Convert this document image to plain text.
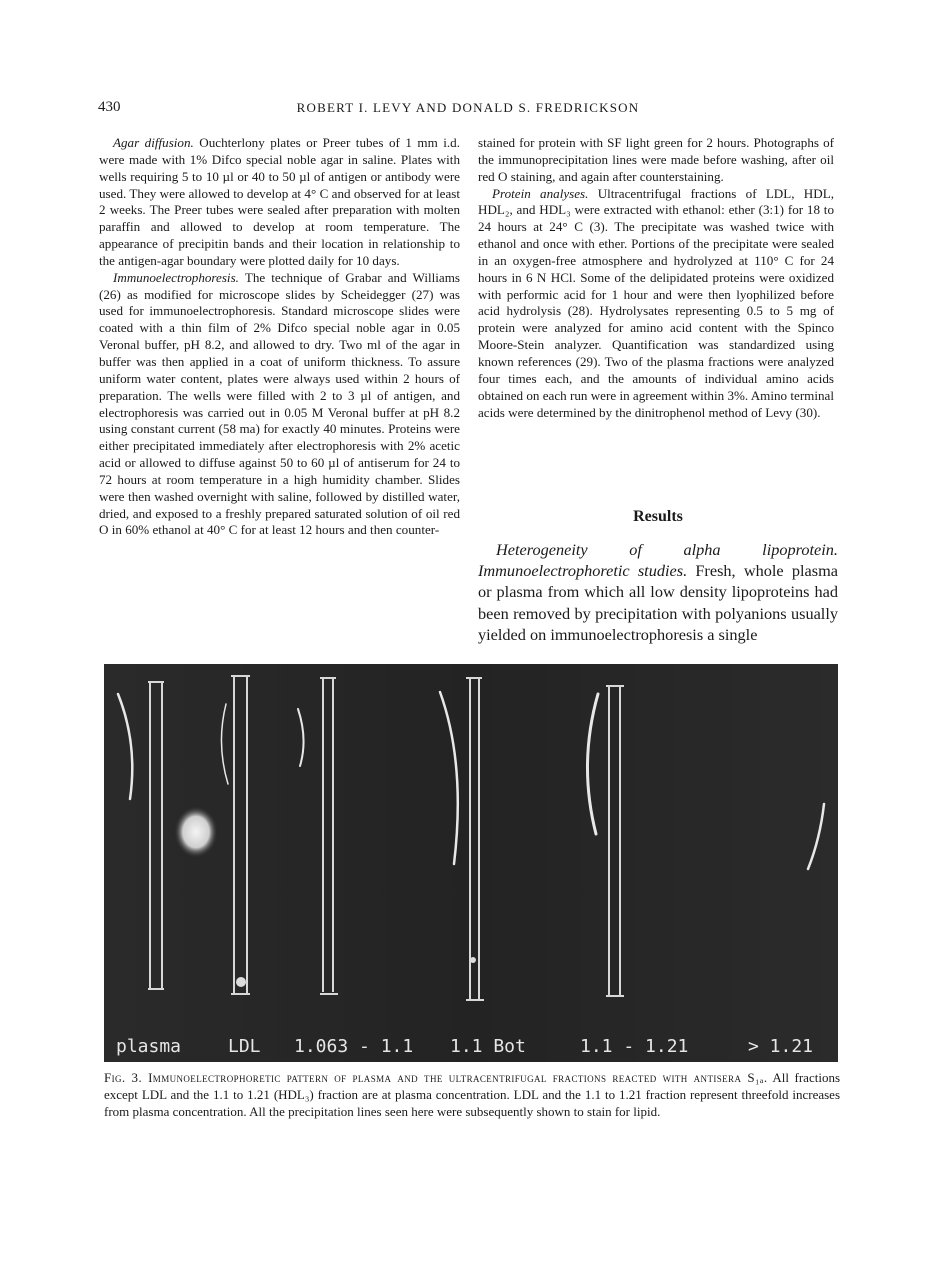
430	ROBERT I. LEVY AND DONALD S. FREDRICKSON

Agar diffusion. Ouchterlony plates or Preer tubes of 1 mm i.d. were made with 1% Difco special noble agar in saline. Plates with wells requiring 5 to 10 µl or 40 to 50 µl of antigen or antibody were used. They were allowed to develop at 4° C and observed for at least 2 weeks. The Preer tubes were sealed after preparation with molten paraffin and allowed to develop at room temperature. The appearance of precipitin bands and their location in relationship to the antigen-agar boundary were plotted daily for 10 days.

Immunoelectrophoresis. The technique of Grabar and Williams (26) as modified for microscope slides by Scheidegger (27) was used for immunoelectrophoresis. Standard microscope slides were coated with a thin film of 2% Difco special noble agar in 0.05 Veronal buffer, pH 8.2, and allowed to dry. Two ml of the agar in buffer was then applied in a coat of uniform thickness. To assure uniform water content, plates were always used within 2 hours of preparation. The wells were filled with 2 to 3 µl of antigen, and electrophoresis was carried out in 0.05 M Veronal buffer at pH 8.2 using constant current (58 ma) for exactly 40 minutes. Proteins were either precipitated immediately after electrophoresis with 2% acetic acid or allowed to diffuse against 50 to 60 µl of antiserum for 24 to 72 hours at room temperature in a high humidity chamber. Slides were then washed overnight with saline, followed by distilled water, dried, and exposed to a freshly prepared saturated solution of oil red O in 60% ethanol at 40° C for at least 12 hours and then counter-

stained for protein with SF light green for 2 hours. Photographs of the immunoprecipitation lines were made before washing, after oil red O staining, and again after counterstaining.

Protein analyses. Ultracentrifugal fractions of LDL, HDL, HDL₂, and HDL₃ were extracted with ethanol: ether (3:1) for 18 to 24 hours at 24° C (3). The precipitate was washed twice with ethanol and once with ether. Portions of the precipitate were sealed in an oxygen-free atmosphere and hydrolyzed at 110° C for 24 hours in 6 N HCl. Some of the delipidated proteins were oxidized with performic acid for 1 hour and were then lyophilized before acid hydrolysis (28). Hydrolysates representing 0.5 to 5 mg of protein were analyzed for amino acid content with the Spinco Moore-Stein analyzer. Quantification was standardized using known references (29). Two of the plasma fractions were analyzed four times each, and the amounts of individual amino acids obtained on each run were in agreement within 3%. Amino terminal acids were determined by the dinitrophenol method of Levy (30).

Results

Heterogeneity of alpha lipoprotein. Immunoelectrophoretic studies. Fresh, whole plasma or plasma from which all low density lipoproteins had been removed by precipitation with polyanions usually yielded on immunoelectrophoresis a single

plasma	LDL 1.063 - 1.1 1.1 Bot	1.1 - 1.21	> 1.21
Fig. 3. Immunoelectrophoretic pattern of plasma and the ultracentrifugal fractions reacted with antisera S₁ₐ. All fractions except LDL and the 1.1 to 1.21 (HDL₃) fraction are at plasma concentration. LDL and the 1.1 to 1.21 fraction represent threefold increases from plasma concentration. All the precipitation lines seen here were subsequently shown to stain for lipid.
